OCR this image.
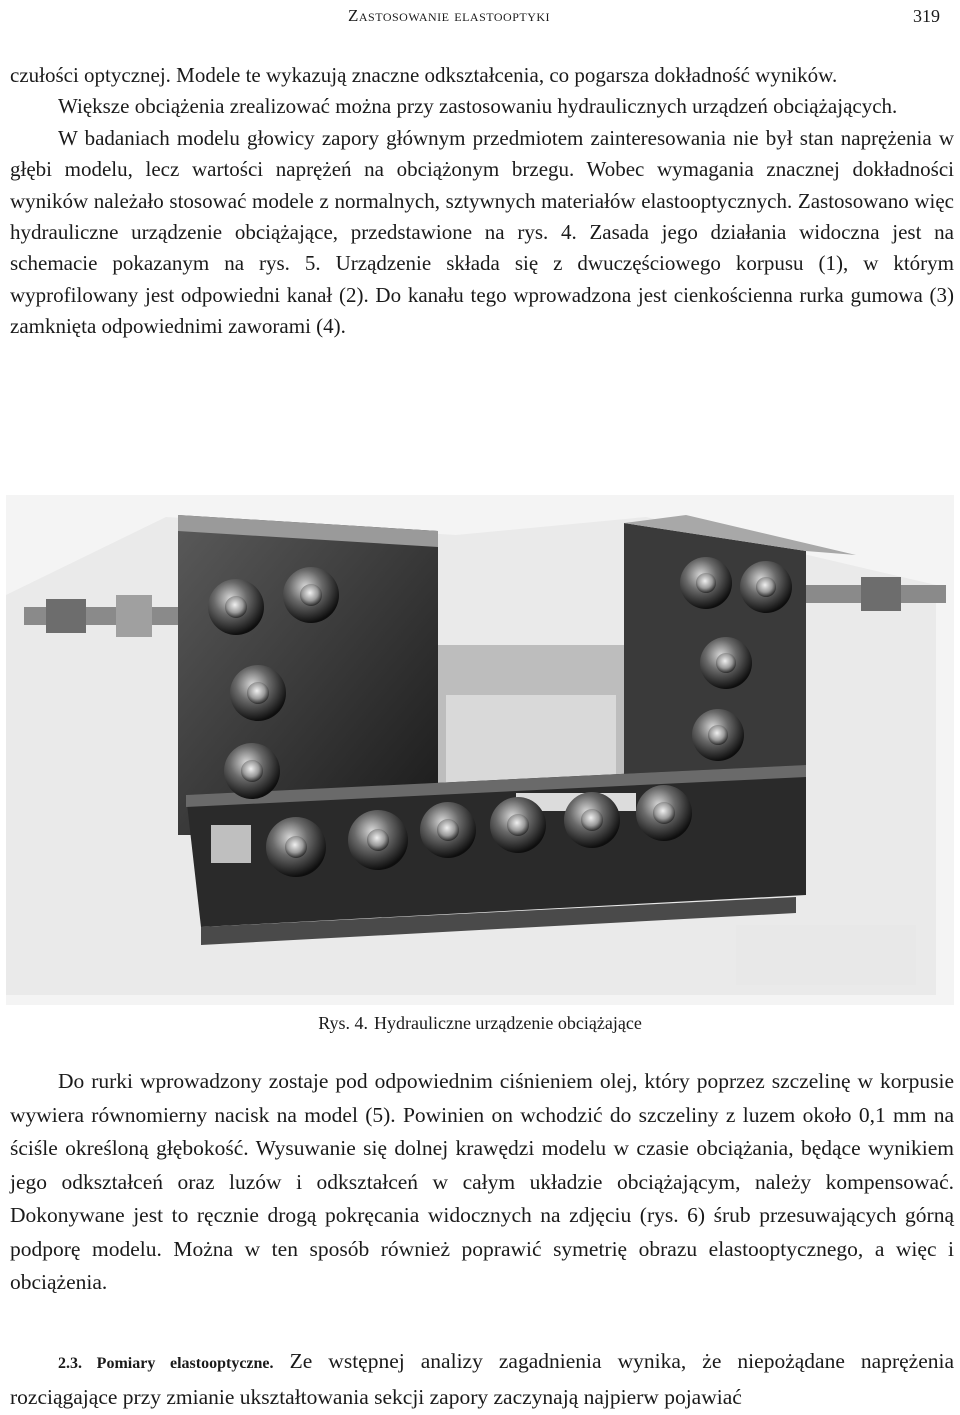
Zastosowanie elastooptyki	319

czułości optycznej. Modele te wykazują znaczne odkształcenia, co pogarsza dokładność wyników.

Większe obciążenia zrealizować można przy zastosowaniu hydraulicznych urządzeń obciążających.

W badaniach modelu głowicy zapory głównym przedmiotem zainteresowania nie był stan naprężenia w głębi modelu, lecz wartości naprężeń na obciążonym brzegu. Wobec wymagania znacznej dokładności wyników należało stosować modele z normalnych, sztywnych materiałów elastooptycznych. Zastosowano więc hydrauliczne urządzenie obciążające, przedstawione na rys. 4. Zasada jego działania widoczna jest na schemacie pokazanym na rys. 5. Urządzenie składa się z dwuczęściowego korpusu (1), w którym wyprofilowany jest odpowiedni kanał (2). Do kanału tego wprowadzona jest cienkościenna rurka gumowa (3) zamknięta odpowiednimi zaworami (4).

Rys. 4. Hydrauliczne urządzenie obciążające

Do rurki wprowadzony zostaje pod odpowiednim ciśnieniem olej, który poprzez szczelinę w korpusie wywiera równomierny nacisk na model (5). Powinien on wchodzić do szczeliny z luzem około 0,1 mm na ściśle określoną głębokość. Wysuwanie się dolnej krawędzi modelu w czasie obciążania, będące wynikiem jego odkształceń oraz luzów i odkształceń w całym układzie obciążającym, należy kompensować. Dokonywane jest to ręcznie drogą pokręcania widocznych na zdjęciu (rys. 6) śrub przesuwających górną podporę modelu. Można w ten sposób również poprawić symetrię obrazu elastooptycznego, a więc i obciążenia.

2.3. Pomiary elastooptyczne. Ze wstępnej analizy zagadnienia wynika, że niepożądane naprężenia rozciągające przy zmianie ukształtowania sekcji zapory zaczynają najpierw pojawiać
